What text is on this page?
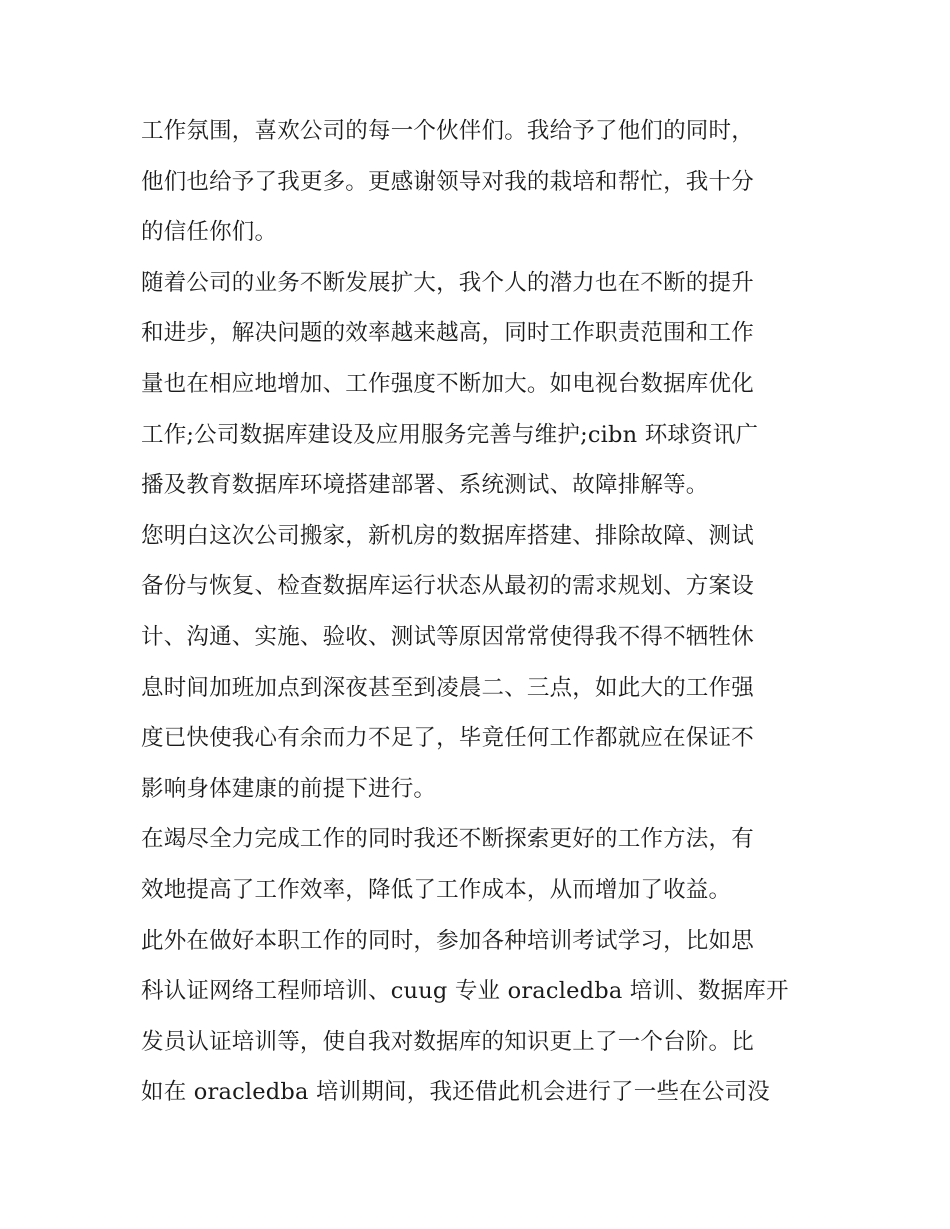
工作氛围，喜欢公司的每一个伙伴们。我给予了他们的同时，
他们也给予了我更多。更感谢领导对我的栽培和帮忙，我十分
的信任你们。
随着公司的业务不断发展扩大，我个人的潜力也在不断的提升
和进步，解决问题的效率越来越高，同时工作职责范围和工作
量也在相应地增加、工作强度不断加大。如电视台数据库优化
工作;公司数据库建设及应用服务完善与维护;cibn 环球资讯广
播及教育数据库环境搭建部署、系统测试、故障排解等。
您明白这次公司搬家，新机房的数据库搭建、排除故障、测试
备份与恢复、检查数据库运行状态从最初的需求规划、方案设
计、沟通、实施、验收、测试等原因常常使得我不得不牺牲休
息时间加班加点到深夜甚至到凌晨二、三点，如此大的工作强
度已快使我心有余而力不足了，毕竟任何工作都就应在保证不
影响身体建康的前提下进行。
在竭尽全力完成工作的同时我还不断探索更好的工作方法，有
效地提高了工作效率，降低了工作成本，从而增加了收益。
此外在做好本职工作的同时，参加各种培训考试学习，比如思
科认证网络工程师培训、cuug 专业 oracledba 培训、数据库开
发员认证培训等，使自我对数据库的知识更上了一个台阶。比
如在 oracledba 培训期间，我还借此机会进行了一些在公司没
